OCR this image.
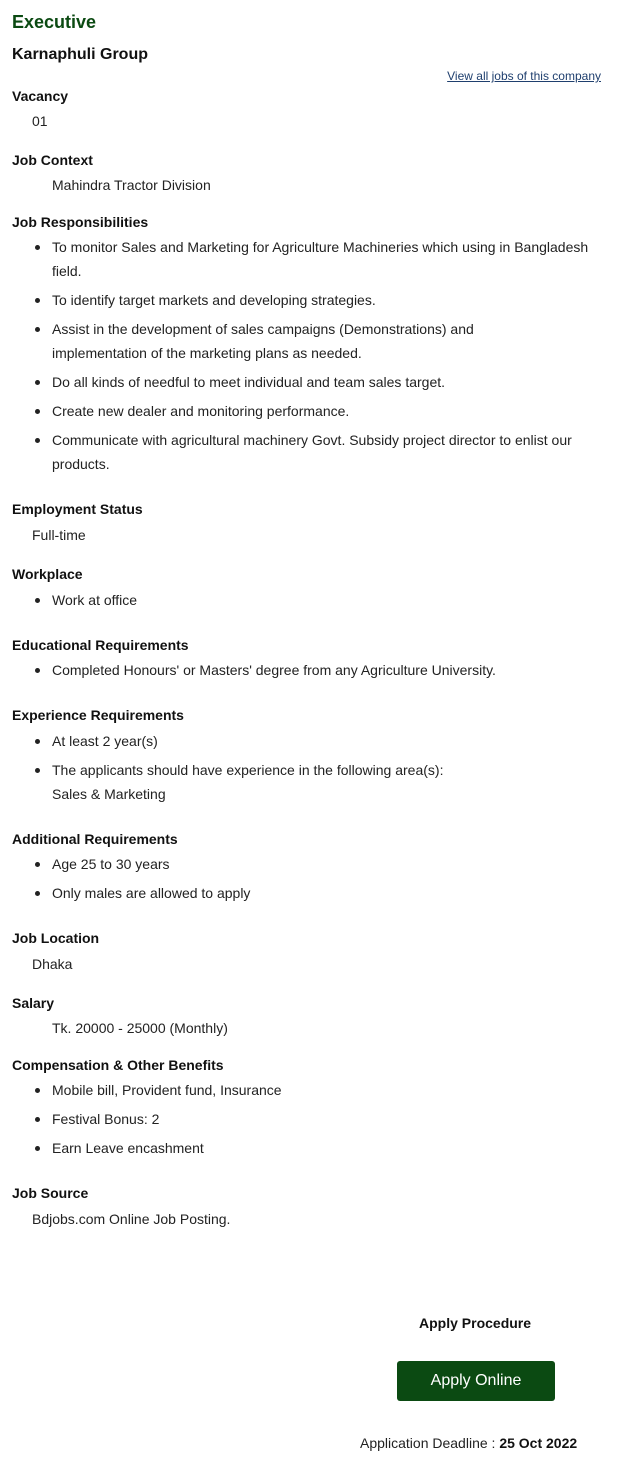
Executive
Karnaphuli Group
View all jobs of this company
Vacancy
01
Job Context
Mahindra Tractor Division
Job Responsibilities
To monitor Sales and Marketing for Agriculture Machineries which using in Bangladesh field.
To identify target markets and developing strategies.
Assist in the development of sales campaigns (Demonstrations) and implementation of the marketing plans as needed.
Do all kinds of needful to meet individual and team sales target.
Create new dealer and monitoring performance.
Communicate with agricultural machinery Govt. Subsidy project director to enlist our products.
Employment Status
Full-time
Workplace
Work at office
Educational Requirements
Completed Honours' or Masters' degree from any Agriculture University.
Experience Requirements
At least 2 year(s)
The applicants should have experience in the following area(s):
Sales & Marketing
Additional Requirements
Age 25 to 30 years
Only males are allowed to apply
Job Location
Dhaka
Salary
Tk. 20000 - 25000 (Monthly)
Compensation & Other Benefits
Mobile bill, Provident fund, Insurance
Festival Bonus: 2
Earn Leave encashment
Job Source
Bdjobs.com Online Job Posting.
Apply Procedure
Apply Online
Application Deadline : 25 Oct 2022
